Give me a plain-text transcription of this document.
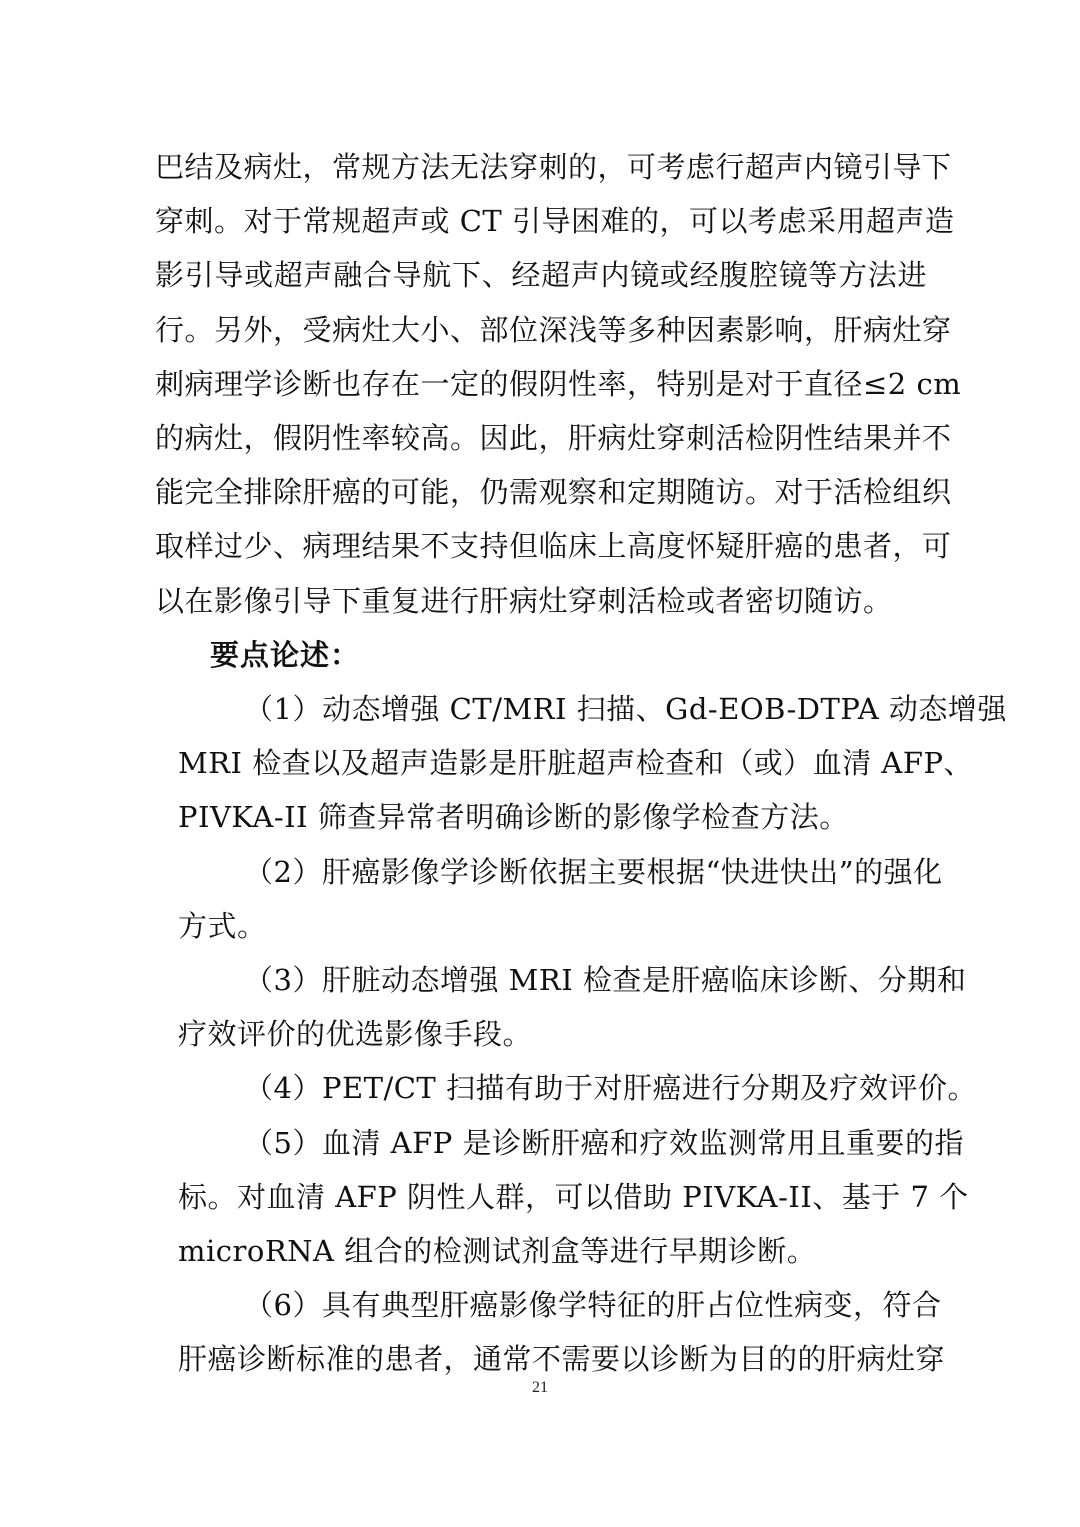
巴结及病灶，常规方法无法穿刺的，可考虑行超声内镜引导下
穿刺。对于常规超声或 CT 引导困难的，可以考虑采用超声造
影引导或超声融合导航下、经超声内镜或经腹腔镜等方法进
行。另外，受病灶大小、部位深浅等多种因素影响，肝病灶穿
刺病理学诊断也存在一定的假阴性率，特别是对于直径≤2 cm
的病灶，假阴性率较高。因此，肝病灶穿刺活检阴性结果并不
能完全排除肝癌的可能，仍需观察和定期随访。对于活检组织
取样过少、病理结果不支持但临床上高度怀疑肝癌的患者，可
以在影像引导下重复进行肝病灶穿刺活检或者密切随访。
要点论述：
（1）动态增强 CT/MRI 扫描、Gd-EOB-DTPA 动态增强
MRI 检查以及超声造影是肝脏超声检查和（或）血清 AFP、
PIVKA-II 筛查异常者明确诊断的影像学检查方法。
（2）肝癌影像学诊断依据主要根据“快进快出”的强化
方式。
（3）肝脏动态增强 MRI 检查是肝癌临床诊断、分期和
疗效评价的优选影像手段。
（4）PET/CT 扫描有助于对肝癌进行分期及疗效评价。
（5）血清 AFP 是诊断肝癌和疗效监测常用且重要的指
标。对血清 AFP 阴性人群，可以借助 PIVKA-II、基于 7 个
microRNA 组合的检测试剂盒等进行早期诊断。
（6）具有典型肝癌影像学特征的肝占位性病变，符合
肝癌诊断标准的患者，通常不需要以诊断为目的的肝病灶穿
21
